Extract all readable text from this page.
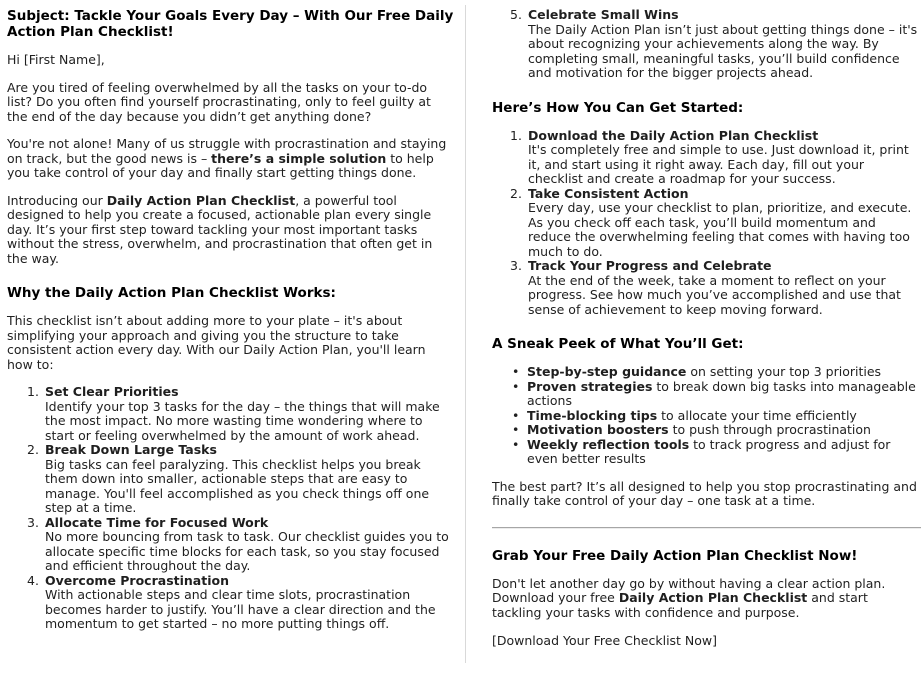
Subject: Tackle Your Goals Every Day – With Our Free Daily Action Plan Checklist!

Hi [First Name],

Are you tired of feeling overwhelmed by all the tasks on your to-do list? Do you often find yourself procrastinating, only to feel guilty at the end of the day because you didn’t get anything done?

You're not alone! Many of us struggle with procrastination and staying on track, but the good news is – there’s a simple solution to help you take control of your day and finally start getting things done.

Introducing our Daily Action Plan Checklist, a powerful tool designed to help you create a focused, actionable plan every single day. It’s your first step toward tackling your most important tasks without the stress, overwhelm, and procrastination that often get in the way.

Why the Daily Action Plan Checklist Works:

This checklist isn’t about adding more to your plate – it's about simplifying your approach and giving you the structure to take consistent action every day. With our Daily Action Plan, you'll learn how to:

1. Set Clear Priorities
Identify your top 3 tasks for the day – the things that will make the most impact. No more wasting time wondering where to start or feeling overwhelmed by the amount of work ahead.
2. Break Down Large Tasks
Big tasks can feel paralyzing. This checklist helps you break them down into smaller, actionable steps that are easy to manage. You'll feel accomplished as you check things off one step at a time.
3. Allocate Time for Focused Work
No more bouncing from task to task. Our checklist guides you to allocate specific time blocks for each task, so you stay focused and efficient throughout the day.
4. Overcome Procrastination
With actionable steps and clear time slots, procrastination becomes harder to justify. You’ll have a clear direction and the momentum to get started – no more putting things off.
5. Celebrate Small Wins
The Daily Action Plan isn’t just about getting things done – it's about recognizing your achievements along the way. By completing small, meaningful tasks, you’ll build confidence and motivation for the bigger projects ahead.
Here’s How You Can Get Started:
1. Download the Daily Action Plan Checklist
It's completely free and simple to use. Just download it, print it, and start using it right away. Each day, fill out your checklist and create a roadmap for your success.
2. Take Consistent Action
Every day, use your checklist to plan, prioritize, and execute. As you check off each task, you’ll build momentum and reduce the overwhelming feeling that comes with having too much to do.
3. Track Your Progress and Celebrate
At the end of the week, take a moment to reflect on your progress. See how much you’ve accomplished and use that sense of achievement to keep moving forward.
A Sneak Peek of What You’ll Get:
• Step-by-step guidance on setting your top 3 priorities
• Proven strategies to break down big tasks into manageable actions
• Time-blocking tips to allocate your time efficiently
• Motivation boosters to push through procrastination
• Weekly reflection tools to track progress and adjust for even better results

The best part? It’s all designed to help you stop procrastinating and finally take control of your day – one task at a time.

Grab Your Free Daily Action Plan Checklist Now!

Don't let another day go by without having a clear action plan. Download your free Daily Action Plan Checklist and start tackling your tasks with confidence and purpose.

[Download Your Free Checklist Now]
